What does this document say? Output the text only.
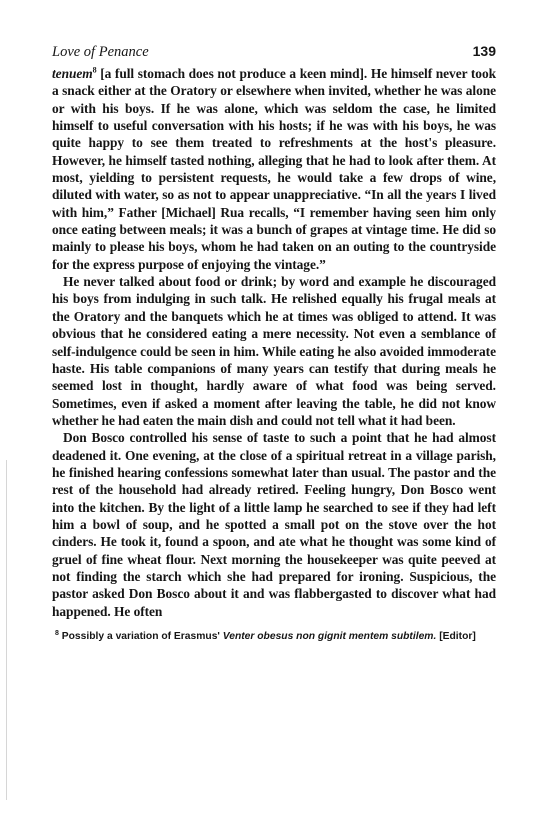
Love of Penance	139

tenuem$^8$ [a full stomach does not produce a keen mind]. He himself never took a snack either at the Oratory or elsewhere when invited, whether he was alone or with his boys. If he was alone, which was seldom the case, he limited himself to useful conversation with his hosts; if he was with his boys, he was quite happy to see them treated to refreshments at the host's pleasure. However, he himself tasted nothing, alleging that he had to look after them. At most, yielding to persistent requests, he would take a few drops of wine, diluted with water, so as not to appear unappreciative. “In all the years I lived with him,” Father [Michael] Rua recalls, “I remember having seen him only once eating between meals; it was a bunch of grapes at vintage time. He did so mainly to please his boys, whom he had taken on an outing to the countryside for the express purpose of enjoying the vintage.”

He never talked about food or drink; by word and example he discouraged his boys from indulging in such talk. He relished equally his frugal meals at the Oratory and the banquets which he at times was obliged to attend. It was obvious that he considered eating a mere necessity. Not even a semblance of self-indulgence could be seen in him. While eating he also avoided immoderate haste. His table companions of many years can testify that during meals he seemed lost in thought, hardly aware of what food was being served. Sometimes, even if asked a moment after leaving the table, he did not know whether he had eaten the main dish and could not tell what it had been.

Don Bosco controlled his sense of taste to such a point that he had almost deadened it. One evening, at the close of a spiritual retreat in a village parish, he finished hearing confessions somewhat later than usual. The pastor and the rest of the household had already retired. Feeling hungry, Don Bosco went into the kitchen. By the light of a little lamp he searched to see if they had left him a bowl of soup, and he spotted a small pot on the stove over the hot cinders. He took it, found a spoon, and ate what he thought was some kind of gruel of fine wheat flour. Next morning the housekeeper was quite peeved at not finding the starch which she had prepared for ironing. Suspicious, the pastor asked Don Bosco about it and was flabbergasted to discover what had happened. He often

$^8$ Possibly a variation of Erasmus' Venter obesus non gignit mentem subtilem. [Editor]
